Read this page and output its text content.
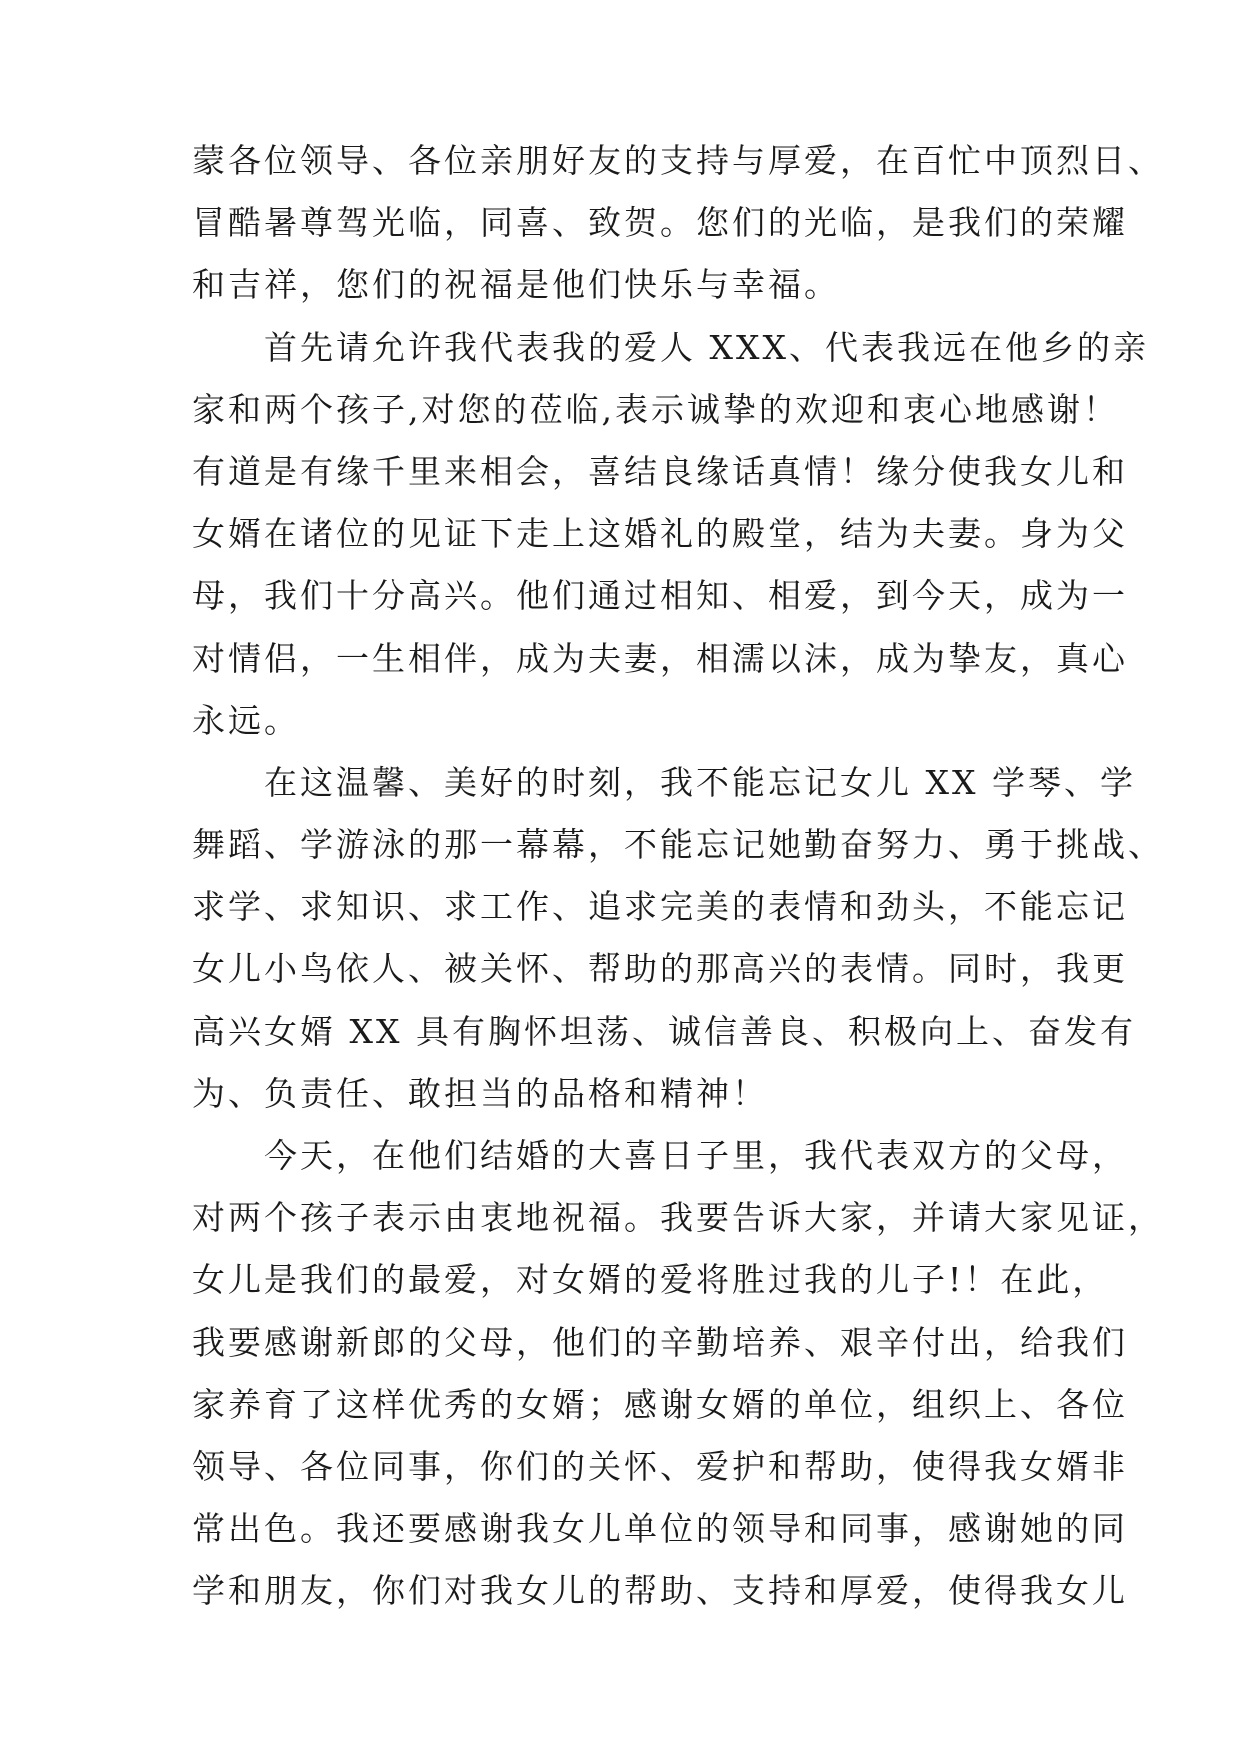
蒙各位领导、各位亲朋好友的支持与厚爱，在百忙中顶烈日、
冒酷暑尊驾光临，同喜、致贺。您们的光临，是我们的荣耀
和吉祥，您们的祝福是他们快乐与幸福。
首先请允许我代表我的爱人 XXX、代表我远在他乡的亲
家和两个孩子,对您的莅临,表示诚挚的欢迎和衷心地感谢！
有道是有缘千里来相会，喜结良缘话真情！缘分使我女儿和
女婿在诸位的见证下走上这婚礼的殿堂，结为夫妻。身为父
母，我们十分高兴。他们通过相知、相爱，到今天，成为一
对情侣，一生相伴，成为夫妻，相濡以沫，成为挚友，真心
永远。
在这温馨、美好的时刻，我不能忘记女儿 XX 学琴、学
舞蹈、学游泳的那一幕幕，不能忘记她勤奋努力、勇于挑战、
求学、求知识、求工作、追求完美的表情和劲头，不能忘记
女儿小鸟依人、被关怀、帮助的那高兴的表情。同时，我更
高兴女婿 XX 具有胸怀坦荡、诚信善良、积极向上、奋发有
为、负责任、敢担当的品格和精神！
今天，在他们结婚的大喜日子里，我代表双方的父母，
对两个孩子表示由衷地祝福。我要告诉大家，并请大家见证，
女儿是我们的最爱，对女婿的爱将胜过我的儿子!！在此，
我要感谢新郎的父母，他们的辛勤培养、艰辛付出，给我们
家养育了这样优秀的女婿；感谢女婿的单位，组织上、各位
领导、各位同事，你们的关怀、爱护和帮助，使得我女婿非
常出色。我还要感谢我女儿单位的领导和同事，感谢她的同
学和朋友，你们对我女儿的帮助、支持和厚爱，使得我女儿
